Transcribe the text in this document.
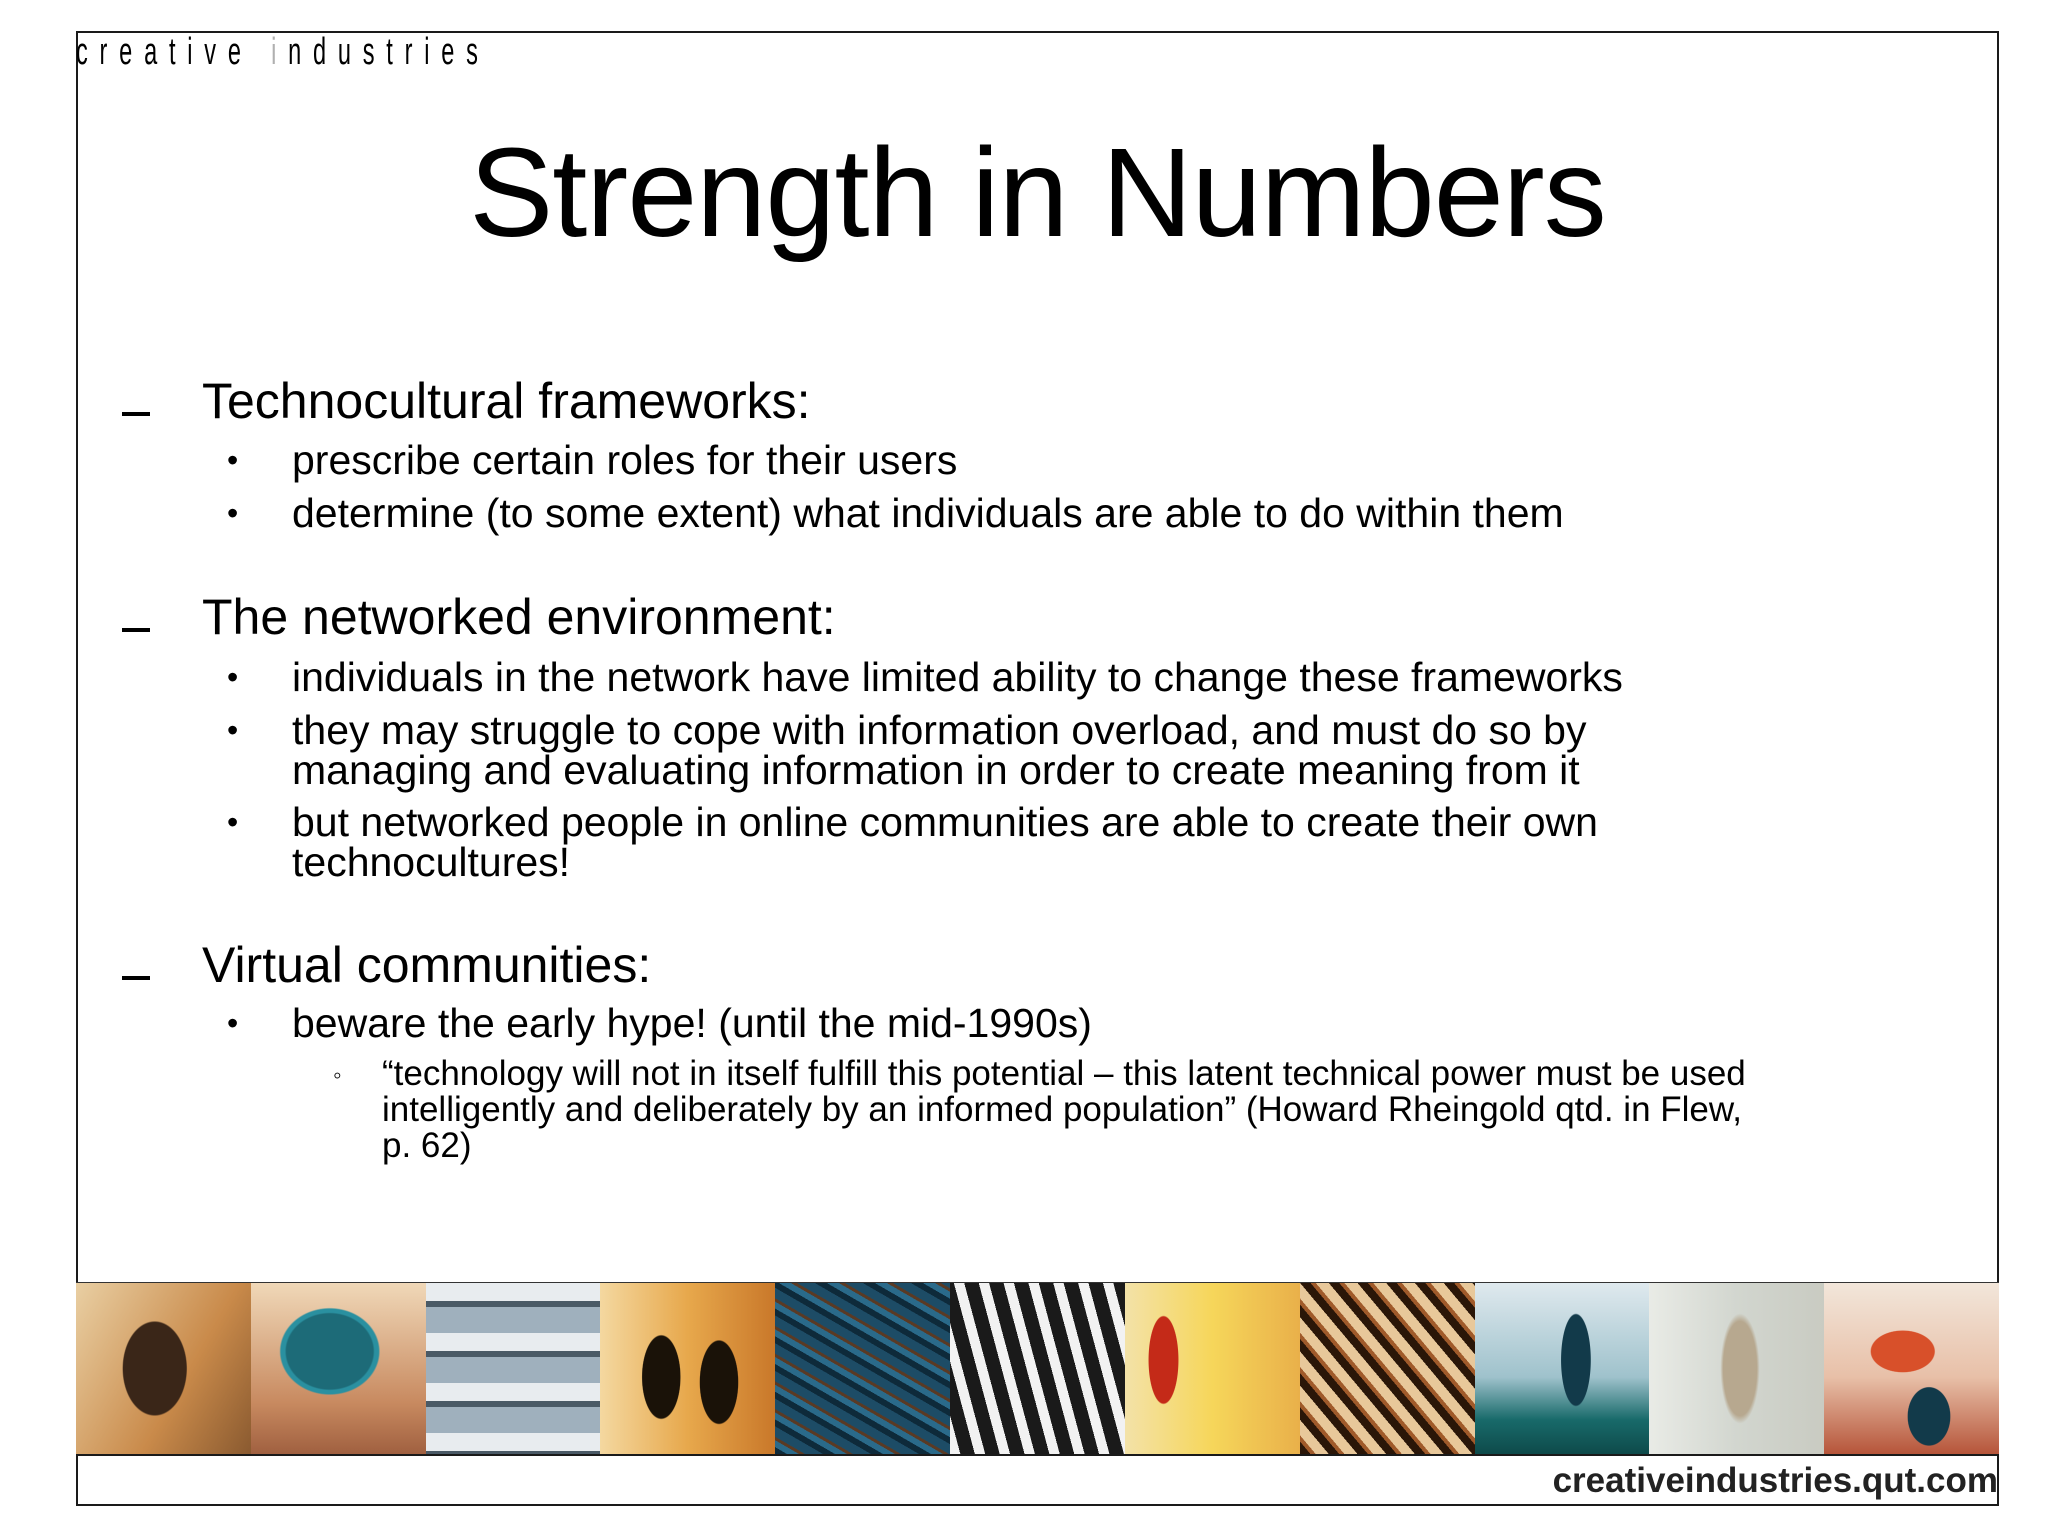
creative industries
Strength in Numbers
Technocultural frameworks:
• prescribe certain roles for their users
• determine (to some extent) what individuals are able to do within them
The networked environment:
• individuals in the network have limited ability to change these frameworks
• they may struggle to cope with information overload, and must do so by
managing and evaluating information in order to create meaning from it
• but networked people in online communities are able to create their own
technocultures!
Virtual communities:
• beware the early hype! (until the mid-1990s)
◦ “technology will not in itself fulfill this potential – this latent technical power must be used
intelligently and deliberately by an informed population” (Howard Rheingold qtd. in Flew,
p. 62)
creativeindustries.qut.com
